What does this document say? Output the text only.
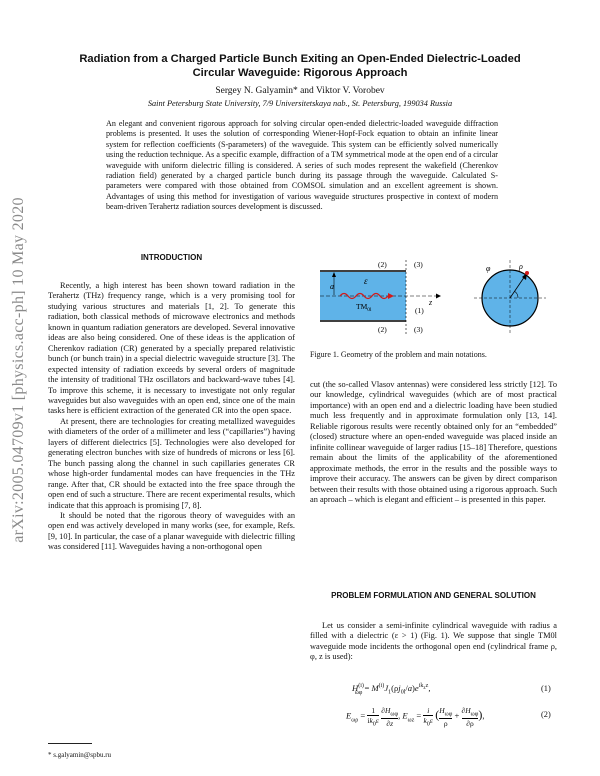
arXiv:2005.04709v1 [physics.acc-ph] 10 May 2020
Radiation from a Charged Particle Bunch Exiting an Open-Ended Dielectric-Loaded Circular Waveguide: Rigorous Approach
Sergey N. Galyamin* and Viktor V. Vorobev
Saint Petersburg State University, 7/9 Universitetskaya nab., St. Petersburg, 199034 Russia
An elegant and convenient rigorous approach for solving circular open-ended dielectric-loaded waveguide diffraction problems is presented. It uses the solution of corresponding Wiener-Hopf-Fock equation to obtain an infinite linear system for reflection coefficients (S-parameters) of the waveguide. This system can be efficiently solved numerically using the reduction technique. As a specific example, diffraction of a TM symmetrical mode at the open end of a circular waveguide with uniform dielectric filling is considered. A series of such modes represent the wakefield (Cherenkov radiation field) generated by a charged particle bunch during its passage through the waveguide. Calculated S-parameters were compared with those obtained from COMSOL simulation and an excellent agreement is shown. Advantages of using this method for investigation of various waveguide structures prospective in context of modern beam-driven Terahertz radiation sources development is discussed.
INTRODUCTION

Recently, a high interest has been shown toward radiation in the Terahertz (THz) frequency range, which is a very promising tool for studying various structures and materials [1, 2]. To generate this radiation, both classical methods of microwave electronics and methods known in quantum radiation generators are developed. Several innovative ideas are also being considered. One of these ideas is the application of Cherenkov radiation (CR) generated by a specially prepared relativistic bunch (or bunch train) in a special dielectric waveguide structure [3]. The expected intensity of radiation exceeds by several orders of magnitude the intensity of traditional THz oscillators and backward-wave tubes [4]. To improve this scheme, it is necessary to investigate not only regular waveguides but also waveguides with an open end, since one of the main tasks here is efficient extraction of the generated CR into the open space.

At present, there are technologies for creating metallized waveguides with diameters of the order of a millimeter and less (“capillaries”) having layers of different dielectrics [5]. Technologies were also developed for generating electron bunches with size of hundreds of microns or less [6]. The bunch passing along the channel in such capillaries generates CR whose high-order fundamental modes can have frequencies in the THz range. After that, CR should be extacted into the free space through the open end of such a structure. There are recent experimental results, which indicate that this approach is promising [7, 8].

It should be noted that the rigorous theory of waveguides with an open end was actively developed in many works (see, for example, Refs. [9, 10]. In particular, the case of a planar waveguide with dielectric filling was considered [11]. Waveguides having a non-orthogonal open

a
ε
$TM_{0l}$
(2)	(3)
(1)
(2)	(3)
z
ρ
φ
Figure 1. Geometry of the problem and main notations.

cut (the so-called Vlasov antennas) were considered less strictly [12]. To our knowledge, cylindrical waveguides (which are of most practical importance) with an open end and a dielectric loading have been studied much less frequently and in approximate formulation only [13, 14]. Reliable rigorous results were recently obtained only for an “embedded” (closed) structure where an open-ended waveguide was placed inside an infinite collinear waveguide of larger radius [15–18] Therefore, questions remain about the limits of the applicability of the aforementioned approximate methods, the error in the results and the possible ways to improve their accuracy. The answers can be given by direct comparison between their results with those obtained using a rigorous approach. Such an aproach – which is elegant and efficient – is presented in this paper.

PROBLEM FORMULATION AND GENERAL SOLUTION

Let us consider a semi-infinite cylindrical waveguide with radius a filled with a dielectric (ε > 1) (Fig. 1). We suppose that single TM0l waveguide mode incidents the orthogonal open end (cylindrical frame ρ, φ, z is used):

$H^{(i)}_{\omega\varphi} = M^{(i)}J_1(\rho j_{0l}/a)e^{ik_zz}$,	(1)
$E_{\omega\rho} = \frac{1}{ik_0\varepsilon}$
$\partial H_{\omega\varphi}$
∂z
, $E_{\omega z} = \frac{i}{k_0\varepsilon}$ ( $H_{\omega\varphi}$
ρ
+
$\partial H_{\omega\varphi}$
∂ρ
),	(2)
* s.galyamin@spbu.ru
